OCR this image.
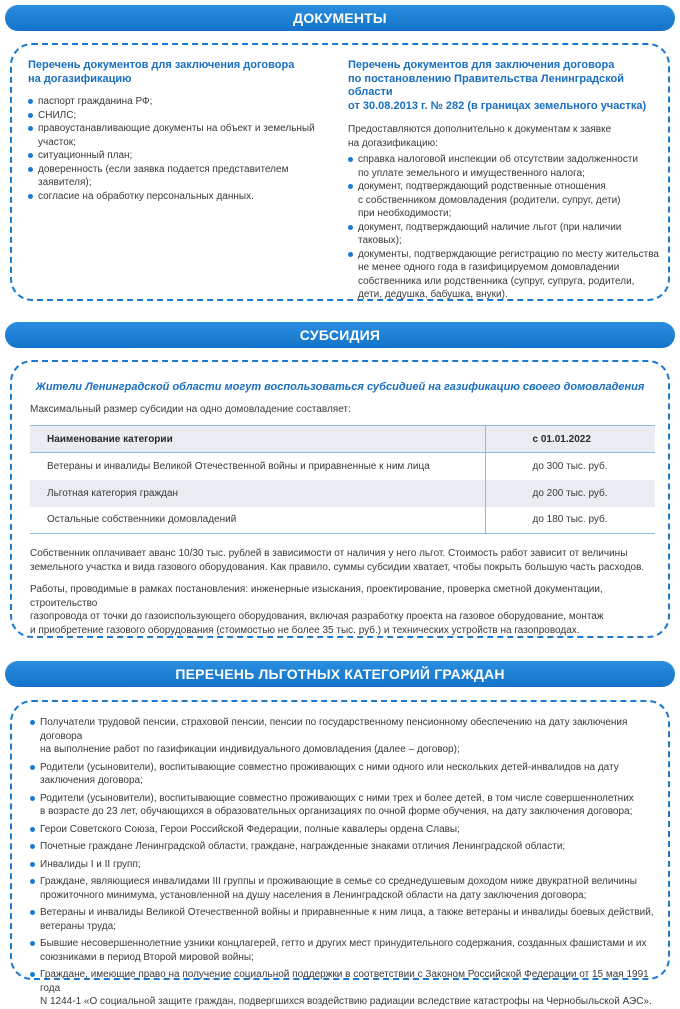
ДОКУМЕНТЫ
Перечень документов для заключения договора
на догазификацию
паспорт гражданина РФ;
СНИЛС;
правоустанавливающие документы на объект и земельный
участок;
ситуационный план;
доверенность (если заявка подается представителем
заявителя);
согласие на обработку персональных данных.
Перечень документов для заключения договора
по постановлению Правительства Ленинградской области
от 30.08.2013 г. № 282 (в границах земельного участка)
Предоставляются дополнительно к документам к заявке
на догазификацию:
справка налоговой инспекции об отсутствии задолженности
по уплате земельного и имущественного налога;
документ, подтверждающий родственные отношения
с собственником домовладения (родители, супруг, дети)
при необходимости;
документ, подтверждающий наличие льгот (при наличии
таковых);
документы, подтверждающие регистрацию по месту жительства
не менее одного года в газифицируемом домовладении
собственника или родственника (супруг, супруга, родители,
дети, дедушка, бабушка, внуки).
СУБСИДИЯ
Жители Ленинградской области могут воспользоваться субсидией на газификацию своего домовладения
Максимальный размер субсидии на одно домовладение составляет:
Наименование категории	с 01.01.2022
Ветераны и инвалиды Великой Отечественной войны и приравненные к ним лица	до 300 тыс. руб.
Льготная категория граждан	до 200 тыс. руб.
Остальные собственники домовладений	до 180 тыс. руб.
Собственник оплачивает аванс 10/30 тыс. рублей в зависимости от наличия у него льгот. Стоимость работ зависит от величины
земельного участка и вида газового оборудования. Как правило, суммы субсидии хватает, чтобы покрыть большую часть расходов.
Работы, проводимые в рамках постановления: инженерные изыскания, проектирование, проверка сметной документации, строительство
газопровода от точки до газоиспользующего оборудования, включая разработку проекта на газовое оборудование, монтаж
и приобретение газового оборудования (стоимостью не более 35 тыс. руб.) и технических устройств на газопроводах.
ПЕРЕЧЕНЬ ЛЬГОТНЫХ КАТЕГОРИЙ ГРАЖДАН
Получатели трудовой пенсии, страховой пенсии, пенсии по государственному пенсионному обеспечению на дату заключения договора
на выполнение работ по газификации индивидуального домовладения (далее – договор);
Родители (усыновители), воспитывающие совместно проживающих с ними одного или нескольких детей-инвалидов на дату
заключения договора;
Родители (усыновители), воспитывающие совместно проживающих с ними трех и более детей, в том числе совершеннолетних
в возрасте до 23 лет, обучающихся в образовательных организациях по очной форме обучения, на дату заключения договора;
Герои Советского Союза, Герои Российской Федерации, полные кавалеры ордена Славы;
Почетные граждане Ленинградской области, граждане, награжденные знаками отличия Ленинградской области;
Инвалиды I и II групп;
Граждане, являющиеся инвалидами III группы и проживающие в семье со среднедушевым доходом ниже двукратной величины
прожиточного минимума, установленной на душу населения в Ленинградской области на дату заключения договора;
Ветераны и инвалиды Великой Отечественной войны и приравненные к ним лица, а также ветераны и инвалиды боевых действий,
ветераны труда;
Бывшие несовершеннолетние узники концлагерей, гетто и других мест принудительного содержания, созданных фашистами и их
союзниками в период Второй мировой войны;
Граждане, имеющие право на получение социальной поддержки в соответствии с Законом Российской Федерации от 15 мая 1991 года
N 1244-1 «О социальной защите граждан, подвергшихся воздействию радиации вследствие катастрофы на Чернобыльской АЭС».
